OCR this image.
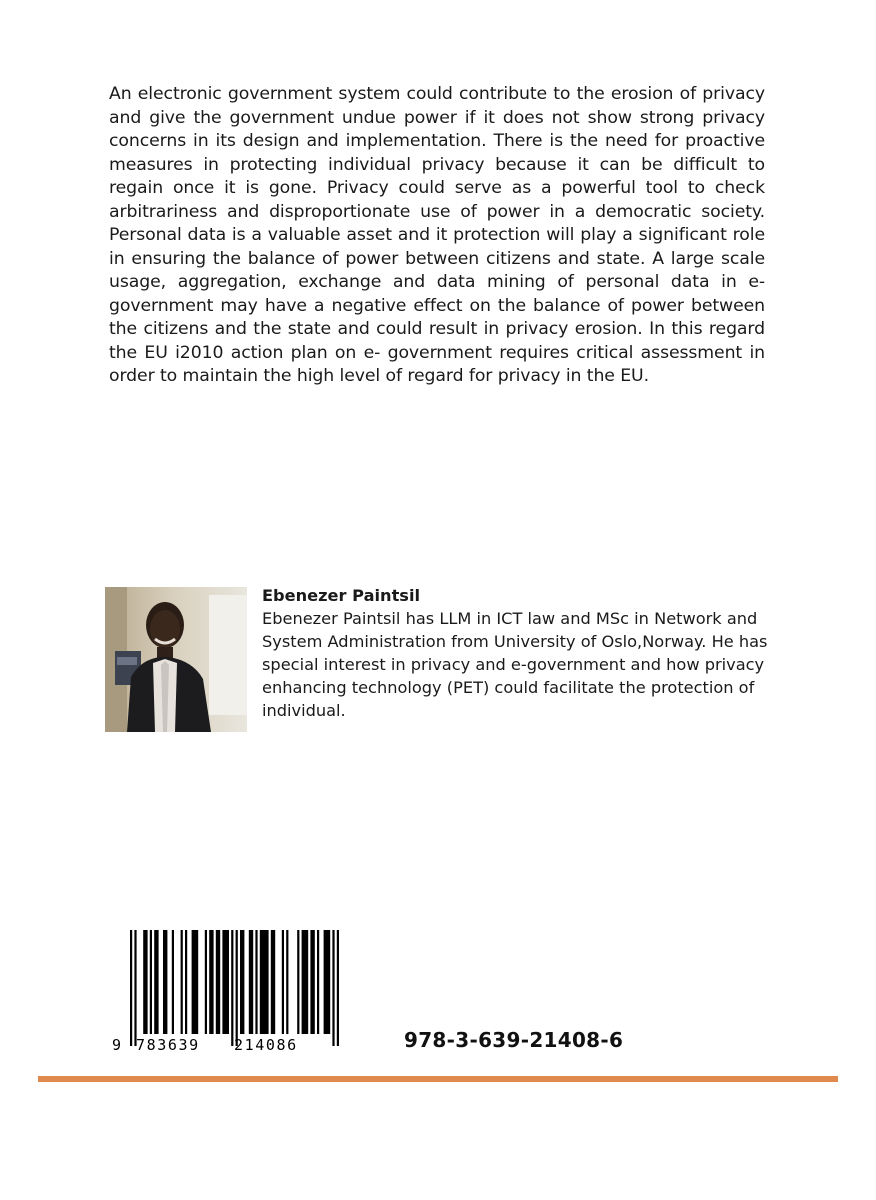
An electronic government system could contribute to the erosion of privacy and give the government undue power if it does not show strong privacy concerns in its design and implementation. There is the need for proactive measures in protecting individual privacy because it can be difficult to regain once it is gone. Privacy could serve as a powerful tool to check arbitrariness and disproportionate use of power in a democratic society. Personal data is a valuable asset and it protection will play a significant role in ensuring the balance of power between citizens and state. A large scale usage, aggregation, exchange and data mining of personal data in e-government may have a negative effect on the balance of power between the citizens and the state and could result in privacy erosion. In this regard the EU i2010 action plan on e- government requires critical assessment in order to maintain the high level of regard for privacy in the EU.

Ebenezer Paintsil
Ebenezer Paintsil has LLM in ICT law and MSc in Network and System Administration from University of Oslo,Norway. He has special interest in privacy and e-government and how privacy enhancing technology (PET) could facilitate the protection of individual.
9 783639 214086	978-3-639-21408-6
